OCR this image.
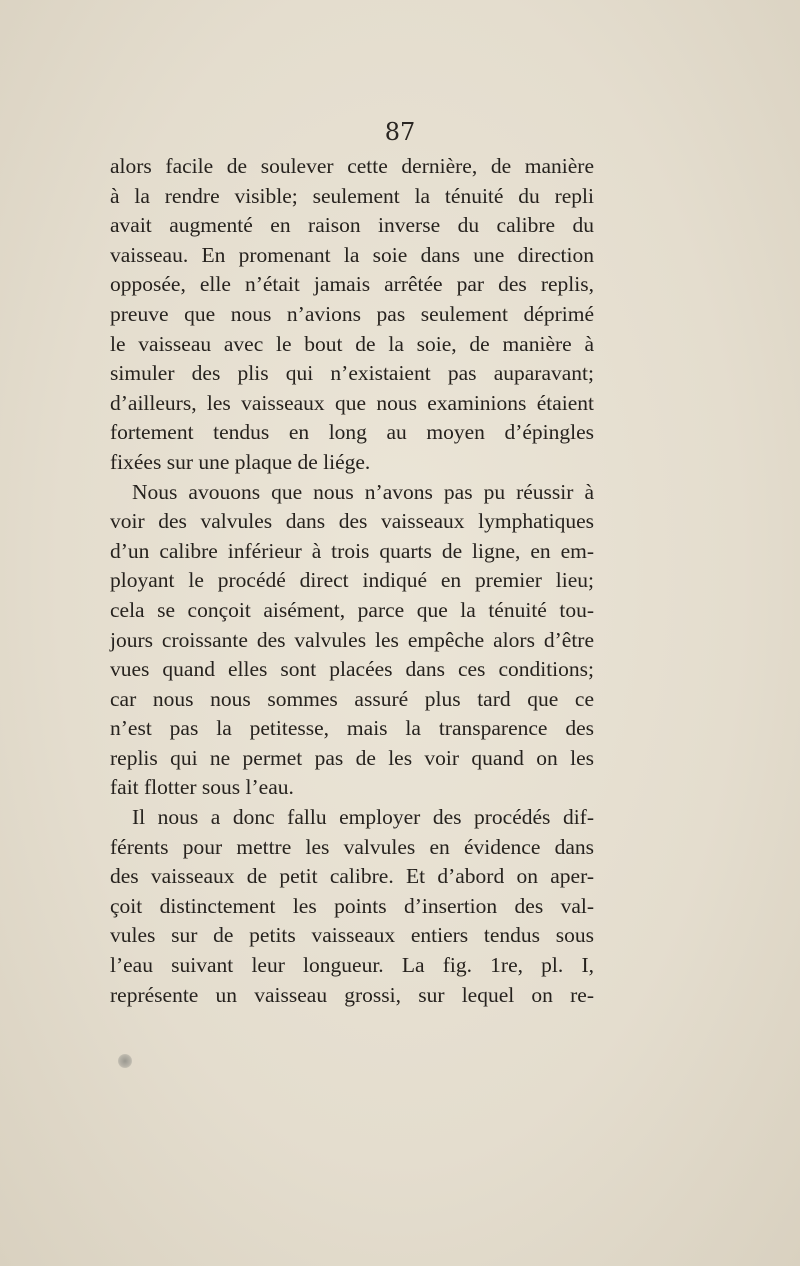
87
alors facile de soulever cette dernière, de manière
à la rendre visible; seulement la ténuité du repli
avait augmenté en raison inverse du calibre du
vaisseau. En promenant la soie dans une direction
opposée, elle n’était jamais arrêtée par des replis,
preuve que nous n’avions pas seulement déprimé
le vaisseau avec le bout de la soie, de manière à
simuler des plis qui n’existaient pas auparavant;
d’ailleurs, les vaisseaux que nous examinions étaient
fortement tendus en long au moyen d’épingles
fixées sur une plaque de liége.
Nous avouons que nous n’avons pas pu réussir à
voir des valvules dans des vaisseaux lymphatiques
d’un calibre inférieur à trois quarts de ligne, en em-
ployant le procédé direct indiqué en premier lieu;
cela se conçoit aisément, parce que la ténuité tou-
jours croissante des valvules les empêche alors d’être
vues quand elles sont placées dans ces conditions;
car nous nous sommes assuré plus tard que ce
n’est pas la petitesse, mais la transparence des
replis qui ne permet pas de les voir quand on les
fait flotter sous l’eau.
Il nous a donc fallu employer des procédés dif-
férents pour mettre les valvules en évidence dans
des vaisseaux de petit calibre. Et d’abord on aper-
çoit distinctement les points d’insertion des val-
vules sur de petits vaisseaux entiers tendus sous
l’eau suivant leur longueur. La fig. 1re, pl. I,
représente un vaisseau grossi, sur lequel on re-
